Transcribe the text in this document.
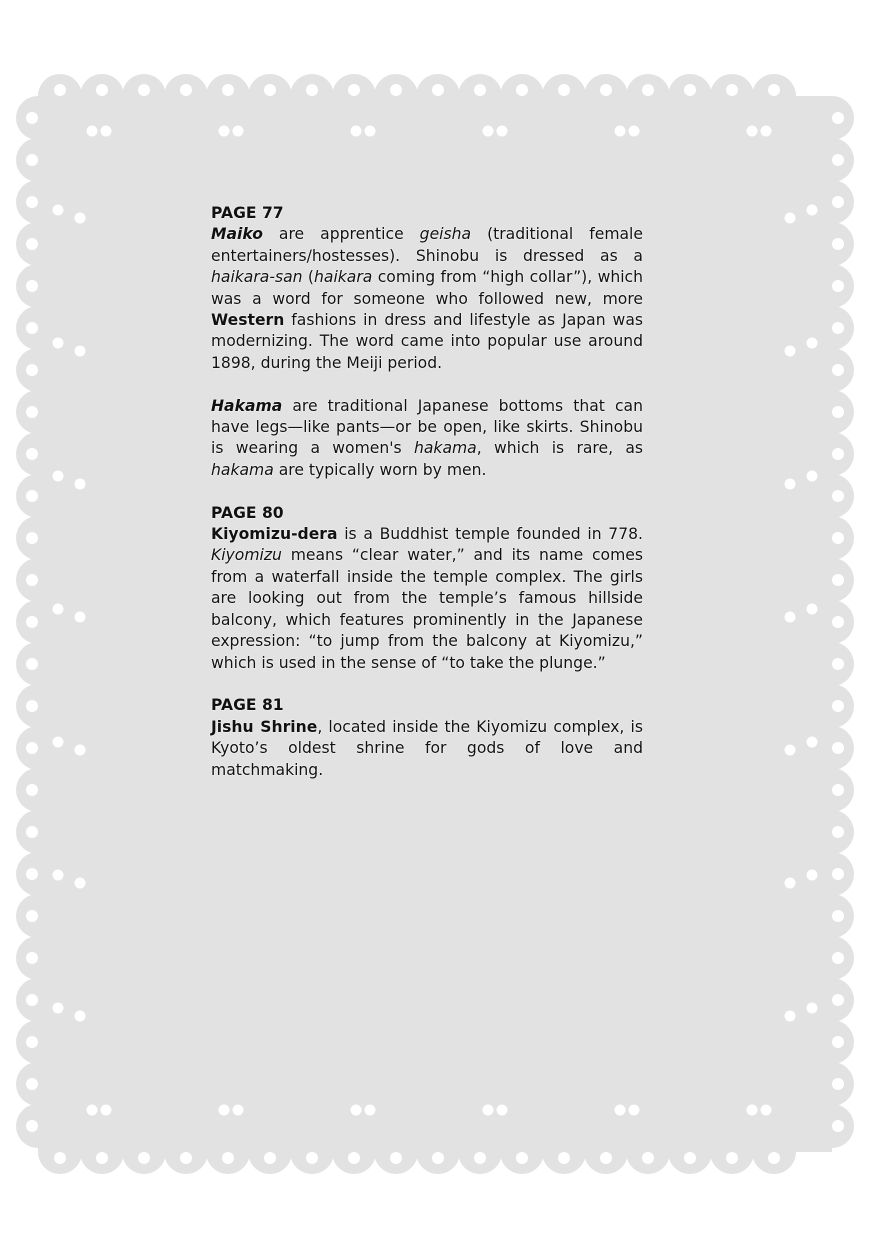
PAGE 77

Maiko are apprentice geisha (traditional female entertainers/hostesses). Shinobu is dressed as a haikara-san (haikara coming from “high collar”), which was a word for someone who followed new, more Western fashions in dress and lifestyle as Japan was modernizing. The word came into popular use around 1898, during the Meiji period.

Hakama are traditional Japanese bottoms that can have legs—like pants—or be open, like skirts. Shinobu is wearing a women's hakama, which is rare, as hakama are typically worn by men.

PAGE 80

Kiyomizu-dera is a Buddhist temple founded in 778. Kiyomizu means “clear water,” and its name comes from a waterfall inside the temple complex. The girls are looking out from the temple’s famous hillside balcony, which features prominently in the Japanese expression: “to jump from the balcony at Kiyomizu,” which is used in the sense of “to take the plunge.”

PAGE 81

Jishu Shrine, located inside the Kiyomizu complex, is Kyoto’s oldest shrine for gods of love and matchmaking.
